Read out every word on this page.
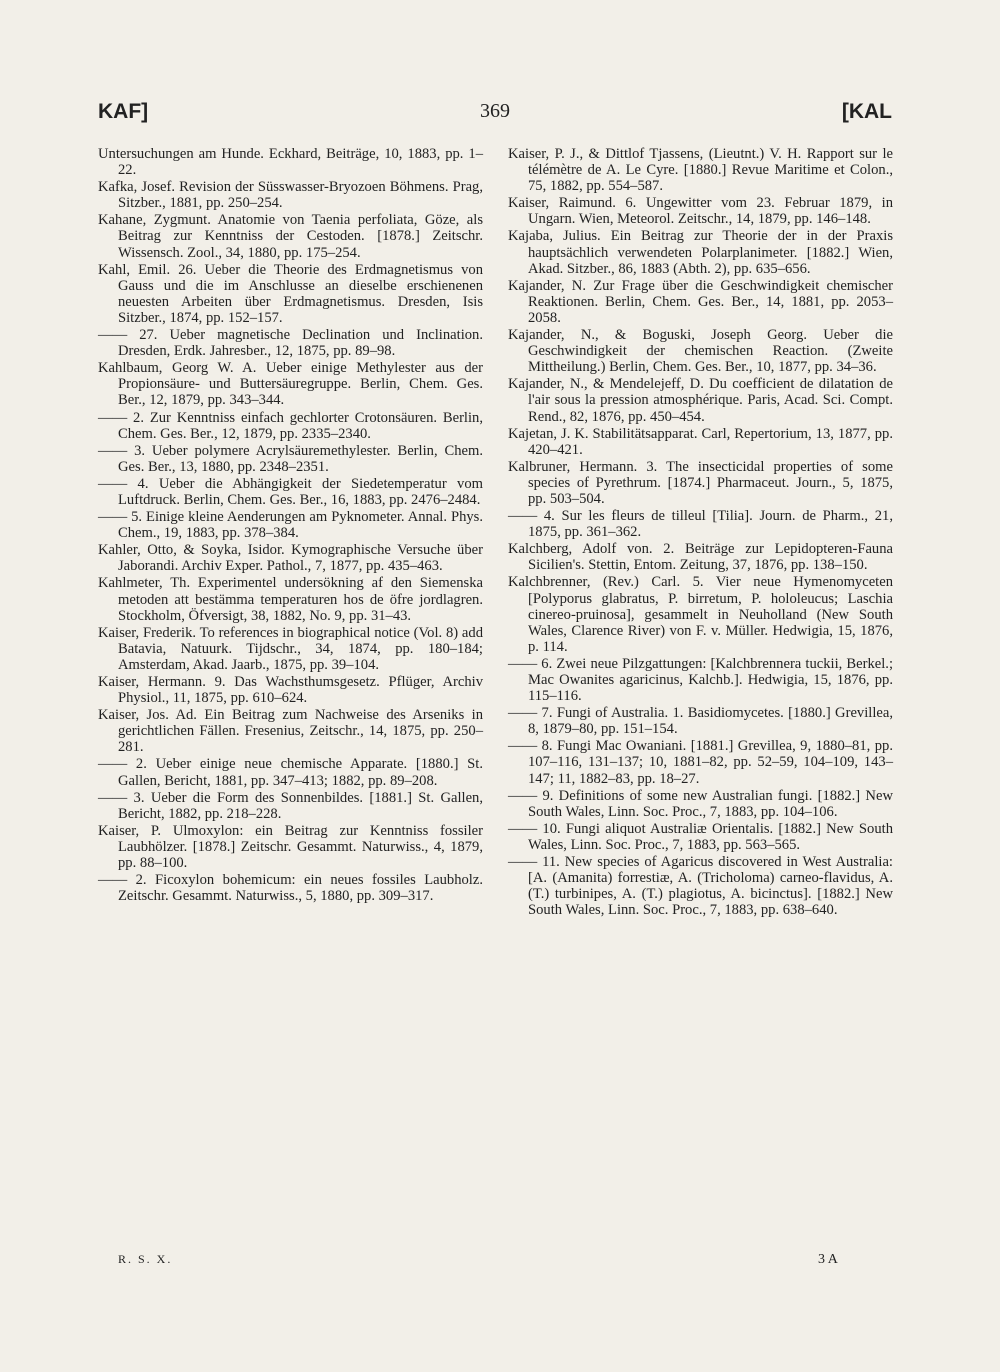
KAF]	369	[KAL

Untersuchungen am Hunde. Eckhard, Beiträge, 10, 1883, pp. 1–22.

Kafka, Josef. Revision der Süsswasser-Bryozoen Böhmens. Prag, Sitzber., 1881, pp. 250–254.

Kahane, Zygmunt. Anatomie von Taenia perfoliata, Göze, als Beitrag zur Kenntniss der Cestoden. [1878.] Zeitschr. Wissensch. Zool., 34, 1880, pp. 175–254.

Kahl, Emil. 26. Ueber die Theorie des Erdmagnetismus von Gauss und die im Anschlusse an dieselbe erschienenen neuesten Arbeiten über Erdmagnetismus. Dresden, Isis Sitzber., 1874, pp. 152–157.

—— 27. Ueber magnetische Declination und Inclination. Dresden, Erdk. Jahresber., 12, 1875, pp. 89–98.

Kahlbaum, Georg W. A. Ueber einige Methylester aus der Propionsäure- und Buttersäuregruppe. Berlin, Chem. Ges. Ber., 12, 1879, pp. 343–344.

—— 2. Zur Kenntniss einfach gechlorter Crotonsäuren. Berlin, Chem. Ges. Ber., 12, 1879, pp. 2335–2340.

—— 3. Ueber polymere Acrylsäuremethylester. Berlin, Chem. Ges. Ber., 13, 1880, pp. 2348–2351.

—— 4. Ueber die Abhängigkeit der Siedetemperatur vom Luftdruck. Berlin, Chem. Ges. Ber., 16, 1883, pp. 2476–2484.

—— 5. Einige kleine Aenderungen am Pyknometer. Annal. Phys. Chem., 19, 1883, pp. 378–384.

Kahler, Otto, & Soyka, Isidor. Kymographische Versuche über Jaborandi. Archiv Exper. Pathol., 7, 1877, pp. 435–463.

Kahlmeter, Th. Experimentel undersökning af den Siemenska metoden att bestämma temperaturen hos de öfre jordlagren. Stockholm, Öfversigt, 38, 1882, No. 9, pp. 31–43.

Kaiser, Frederik. To references in biographical notice (Vol. 8) add Batavia, Natuurk. Tijdschr., 34, 1874, pp. 180–184; Amsterdam, Akad. Jaarb., 1875, pp. 39–104.

Kaiser, Hermann. 9. Das Wachsthumsgesetz. Pflüger, Archiv Physiol., 11, 1875, pp. 610–624.

Kaiser, Jos. Ad. Ein Beitrag zum Nachweise des Arseniks in gerichtlichen Fällen. Fresenius, Zeitschr., 14, 1875, pp. 250–281.

—— 2. Ueber einige neue chemische Apparate. [1880.] St. Gallen, Bericht, 1881, pp. 347–413; 1882, pp. 89–208.

—— 3. Ueber die Form des Sonnenbildes. [1881.] St. Gallen, Bericht, 1882, pp. 218–228.

Kaiser, P. Ulmoxylon: ein Beitrag zur Kenntniss fossiler Laubhölzer. [1878.] Zeitschr. Gesammt. Naturwiss., 4, 1879, pp. 88–100.

—— 2. Ficoxylon bohemicum: ein neues fossiles Laubholz. Zeitschr. Gesammt. Naturwiss., 5, 1880, pp. 309–317.

Kaiser, P. J., & Dittlof Tjassens, (Lieutnt.) V. H. Rapport sur le télémètre de A. Le Cyre. [1880.] Revue Maritime et Colon., 75, 1882, pp. 554–587.

Kaiser, Raimund. 6. Ungewitter vom 23. Februar 1879, in Ungarn. Wien, Meteorol. Zeitschr., 14, 1879, pp. 146–148.

Kajaba, Julius. Ein Beitrag zur Theorie der in der Praxis hauptsächlich verwendeten Polarplanimeter. [1882.] Wien, Akad. Sitzber., 86, 1883 (Abth. 2), pp. 635–656.

Kajander, N. Zur Frage über die Geschwindigkeit chemischer Reaktionen. Berlin, Chem. Ges. Ber., 14, 1881, pp. 2053–2058.

Kajander, N., & Boguski, Joseph Georg. Ueber die Geschwindigkeit der chemischen Reaction. (Zweite Mittheilung.) Berlin, Chem. Ges. Ber., 10, 1877, pp. 34–36.

Kajander, N., & Mendelejeff, D. Du coefficient de dilatation de l'air sous la pression atmosphérique. Paris, Acad. Sci. Compt. Rend., 82, 1876, pp. 450–454.

Kajetan, J. K. Stabilitätsapparat. Carl, Repertorium, 13, 1877, pp. 420–421.

Kalbruner, Hermann. 3. The insecticidal properties of some species of Pyrethrum. [1874.] Pharmaceut. Journ., 5, 1875, pp. 503–504.

—— 4. Sur les fleurs de tilleul [Tilia]. Journ. de Pharm., 21, 1875, pp. 361–362.

Kalchberg, Adolf von. 2. Beiträge zur Lepidopteren-Fauna Sicilien's. Stettin, Entom. Zeitung, 37, 1876, pp. 138–150.

Kalchbrenner, (Rev.) Carl. 5. Vier neue Hymenomyceten [Polyporus glabratus, P. birretum, P. hololeucus; Laschia cinereo-pruinosa], gesammelt in Neuholland (New South Wales, Clarence River) von F. v. Müller. Hedwigia, 15, 1876, p. 114.

—— 6. Zwei neue Pilzgattungen: [Kalchbrennera tuckii, Berkel.; Mac Owanites agaricinus, Kalchb.]. Hedwigia, 15, 1876, pp. 115–116.

—— 7. Fungi of Australia. 1. Basidiomycetes. [1880.] Grevillea, 8, 1879–80, pp. 151–154.

—— 8. Fungi Mac Owaniani. [1881.] Grevillea, 9, 1880–81, pp. 107–116, 131–137; 10, 1881–82, pp. 52–59, 104–109, 143–147; 11, 1882–83, pp. 18–27.

—— 9. Definitions of some new Australian fungi. [1882.] New South Wales, Linn. Soc. Proc., 7, 1883, pp. 104–106.

—— 10. Fungi aliquot Australiæ Orientalis. [1882.] New South Wales, Linn. Soc. Proc., 7, 1883, pp. 563–565.

—— 11. New species of Agaricus discovered in West Australia: [A. (Amanita) forrestiæ, A. (Tricholoma) carneo-flavidus, A. (T.) turbinipes, A. (T.) plagiotus, A. bicinctus]. [1882.] New South Wales, Linn. Soc. Proc., 7, 1883, pp. 638–640.

R. S. X.	3 A
